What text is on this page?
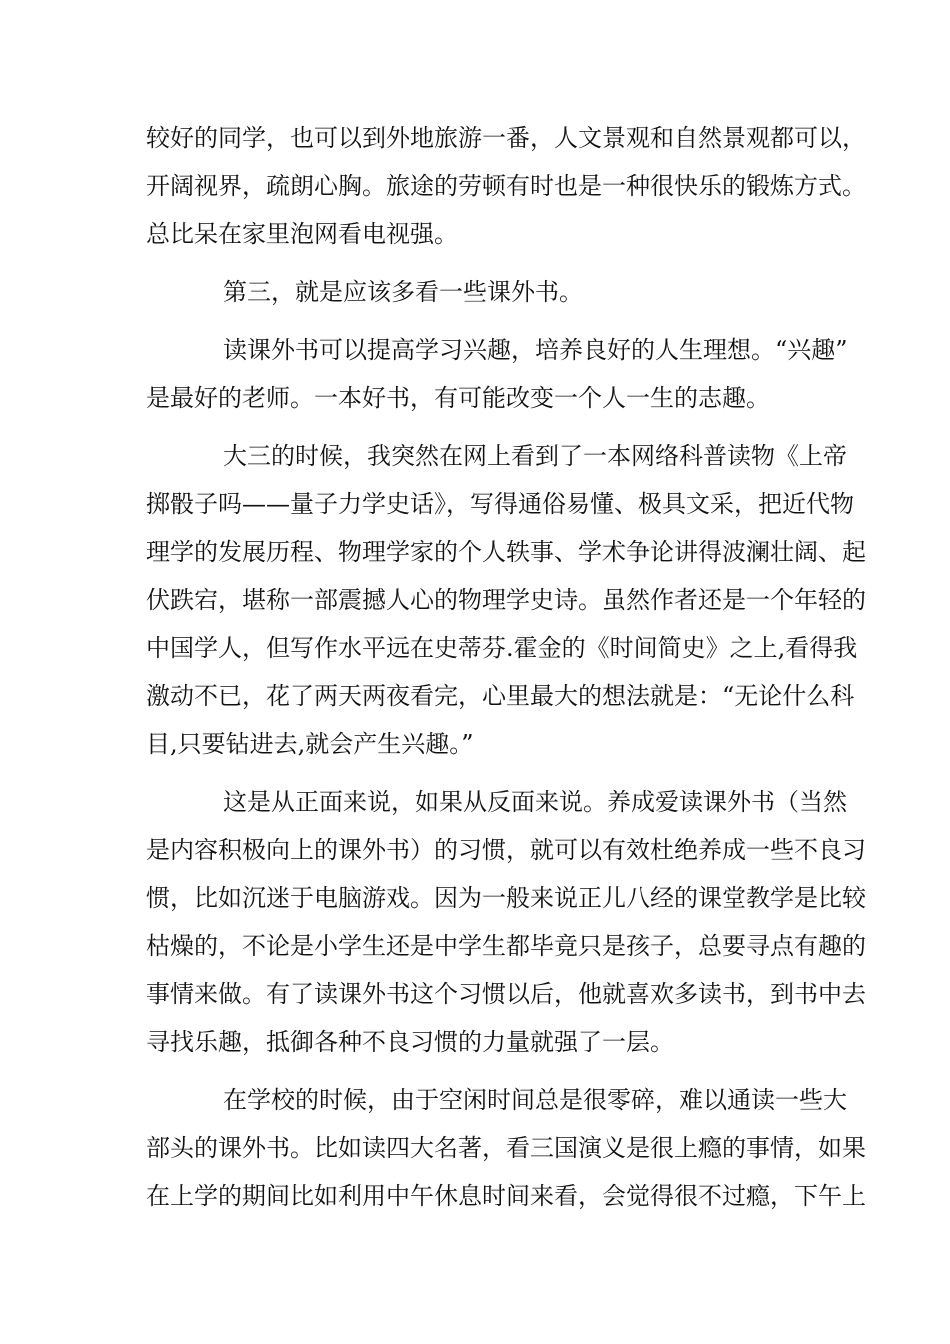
较好的同学，也可以到外地旅游一番，人文景观和自然景观都可以，
开阔视界，疏朗心胸。旅途的劳顿有时也是一种很快乐的锻炼方式。
总比呆在家里泡网看电视强。
第三，就是应该多看一些课外书。
读课外书可以提高学习兴趣，培养良好的人生理想。“兴趣”
是最好的老师。一本好书，有可能改变一个人一生的志趣。
大三的时候，我突然在网上看到了一本网络科普读物《上帝
掷骰子吗——量子力学史话》，写得通俗易懂、极具文采，把近代物
理学的发展历程、物理学家的个人轶事、学术争论讲得波澜壮阔、起
伏跌宕，堪称一部震撼人心的物理学史诗。虽然作者还是一个年轻的
中国学人，但写作水平远在史蒂芬.霍金的《时间简史》之上,看得我
激动不已，花了两天两夜看完，心里最大的想法就是：“无论什么科
目,只要钻进去,就会产生兴趣。”
这是从正面来说，如果从反面来说。养成爱读课外书（当然
是内容积极向上的课外书）的习惯，就可以有效杜绝养成一些不良习
惯，比如沉迷于电脑游戏。因为一般来说正儿八经的课堂教学是比较
枯燥的，不论是小学生还是中学生都毕竟只是孩子，总要寻点有趣的
事情来做。有了读课外书这个习惯以后，他就喜欢多读书，到书中去
寻找乐趣，抵御各种不良习惯的力量就强了一层。
在学校的时候，由于空闲时间总是很零碎，难以通读一些大
部头的课外书。比如读四大名著，看三国演义是很上瘾的事情，如果
在上学的期间比如利用中午休息时间来看，会觉得很不过瘾，下午上
